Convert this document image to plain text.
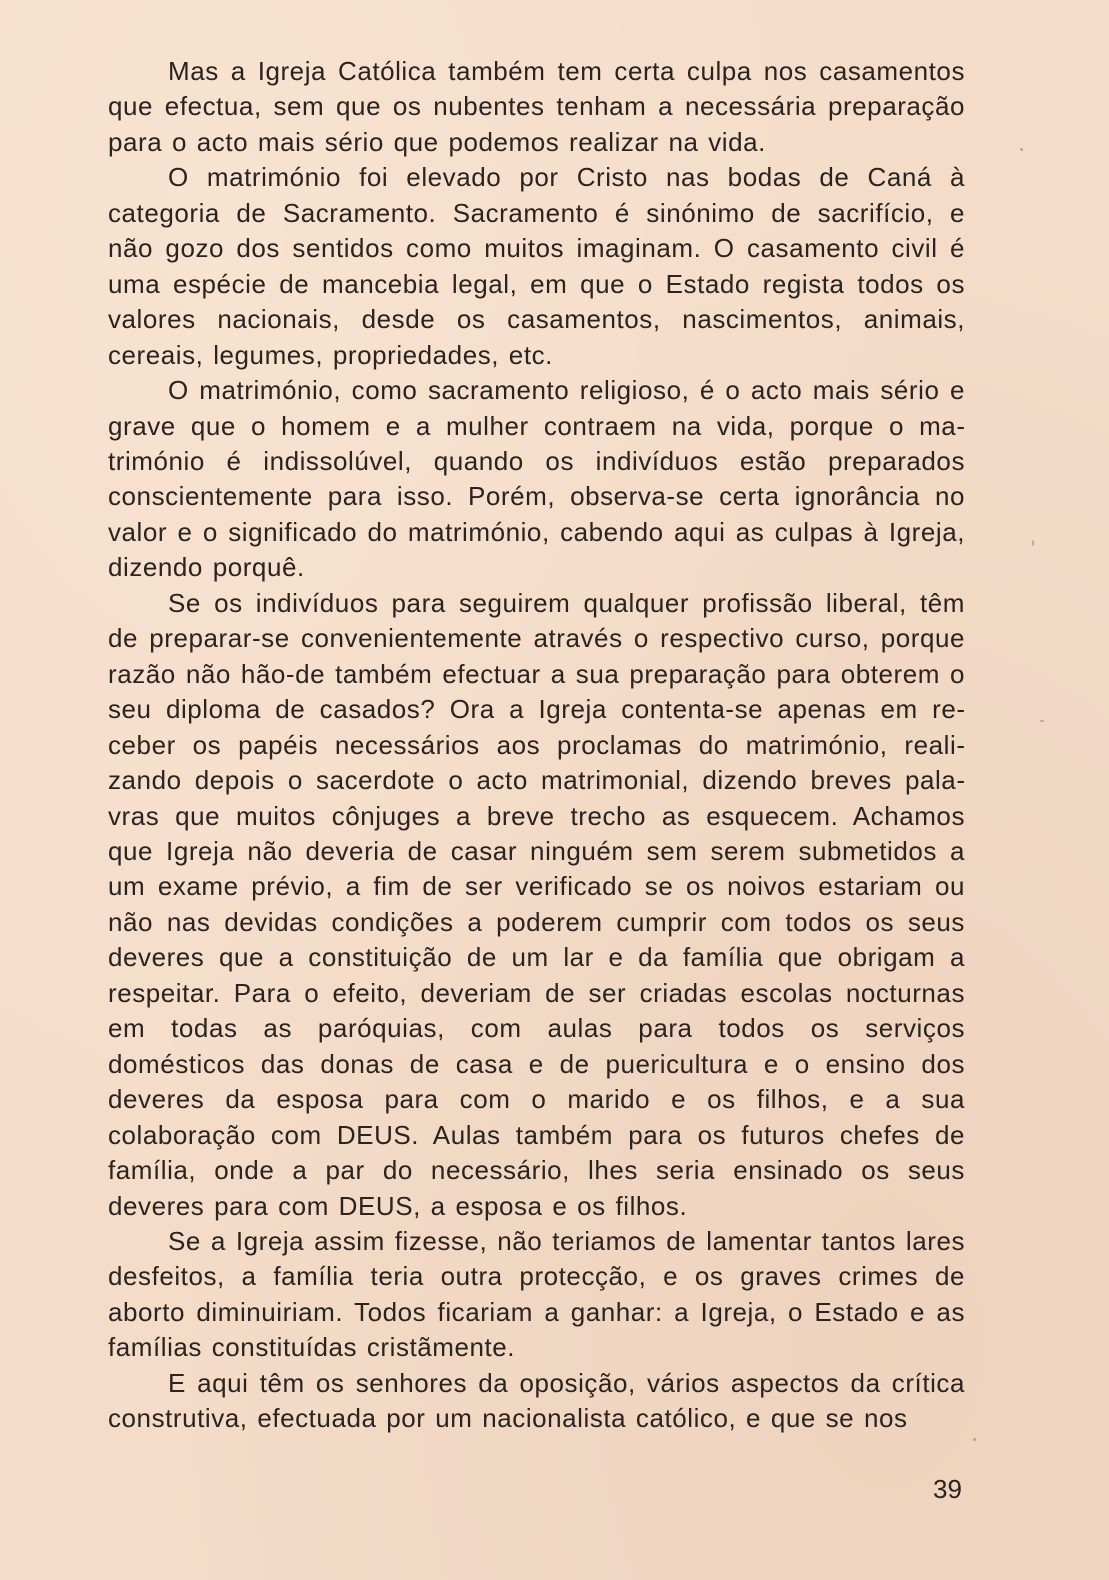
Mas a Igreja Católica também tem certa culpa nos casamentos que efectua, sem que os nubentes tenham a necessária preparação para o acto mais sério que podemos realizar na vida.

O matrimónio foi elevado por Cristo nas bodas de Caná à categoria de Sacramento. Sacramento é sinónimo de sacrifício, e não gozo dos sentidos como muitos imaginam. O casamento civil é uma espécie de mancebia legal, em que o Estado regista todos os valores nacionais, desde os casamentos, nascimentos, animais, cereais, legumes, propriedades, etc.

O matrimónio, como sacramento religioso, é o acto mais sério e grave que o homem e a mulher contraem na vida, porque o matrimónio é indissolúvel, quando os indivíduos estão preparados conscientemente para isso. Porém, observa-se certa ignorância no valor e o significado do matrimónio, cabendo aqui as culpas à Igreja, dizendo porquê.

Se os indivíduos para seguirem qualquer profissão liberal, têm de preparar-se convenientemente através o respectivo curso, porque razão não hão-de também efectuar a sua preparação para obterem o seu diploma de casados? Ora a Igreja contenta-se apenas em receber os papéis necessários aos proclamas do matrimónio, realizando depois o sacerdote o acto matrimonial, dizendo breves palavras que muitos cônjuges a breve trecho as esquecem. Achamos que Igreja não deveria de casar ninguém sem serem submetidos a um exame prévio, a fim de ser verificado se os noivos estariam ou não nas devidas condições a poderem cumprir com todos os seus deveres que a constituição de um lar e da família que obrigam a respeitar. Para o efeito, deveriam de ser criadas escolas nocturnas em todas as paróquias, com aulas para todos os serviços domésticos das donas de casa e de puericultura e o ensino dos deveres da esposa para com o marido e os filhos, e a sua colaboração com DEUS. Aulas também para os futuros chefes de família, onde a par do necessário, lhes seria ensinado os seus deveres para com DEUS, a esposa e os filhos.

Se a Igreja assim fizesse, não teriamos de lamentar tantos lares desfeitos, a família teria outra protecção, e os graves crimes de aborto diminuiriam. Todos ficariam a ganhar: a Igreja, o Estado e as famílias constituídas cristãmente.

E aqui têm os senhores da oposição, vários aspectos da crítica construtiva, efectuada por um nacionalista católico, e que se nos

39
